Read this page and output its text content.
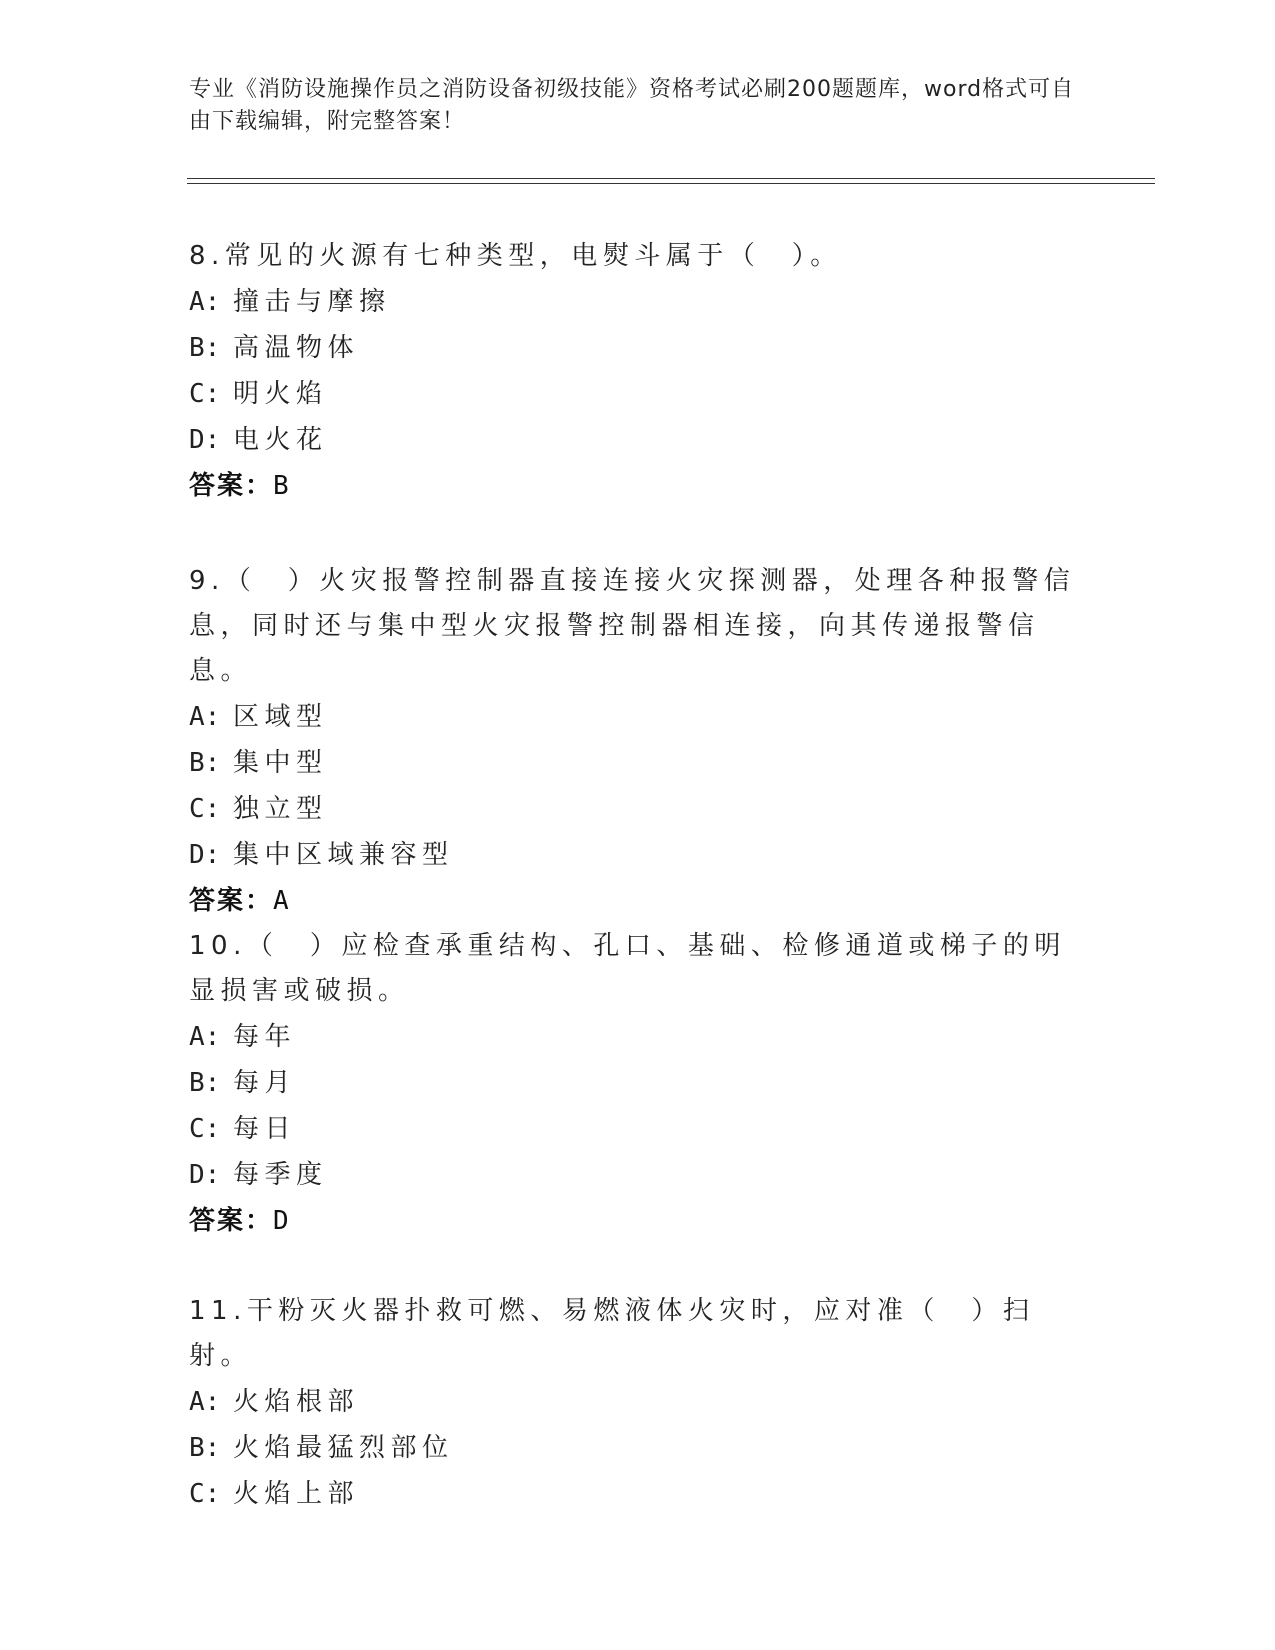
专业《消防设施操作员之消防设备初级技能》资格考试必刷200题题库，word格式可自由下载编辑，附完整答案！
8.常见的火源有七种类型，电熨斗属于（　）。
A: 撞击与摩擦
B: 高温物体
C: 明火焰
D: 电火花
答案：B
9.（　）火灾报警控制器直接连接火灾探测器，处理各种报警信息，同时还与集中型火灾报警控制器相连接，向其传递报警信息。
A: 区域型
B: 集中型
C: 独立型
D: 集中区域兼容型
答案：A
10.（　）应检查承重结构、孔口、基础、检修通道或梯子的明显损害或破损。
A: 每年
B: 每月
C: 每日
D: 每季度
答案：D
11.干粉灭火器扑救可燃、易燃液体火灾时，应对准（　）扫射。
A: 火焰根部
B: 火焰最猛烈部位
C: 火焰上部
